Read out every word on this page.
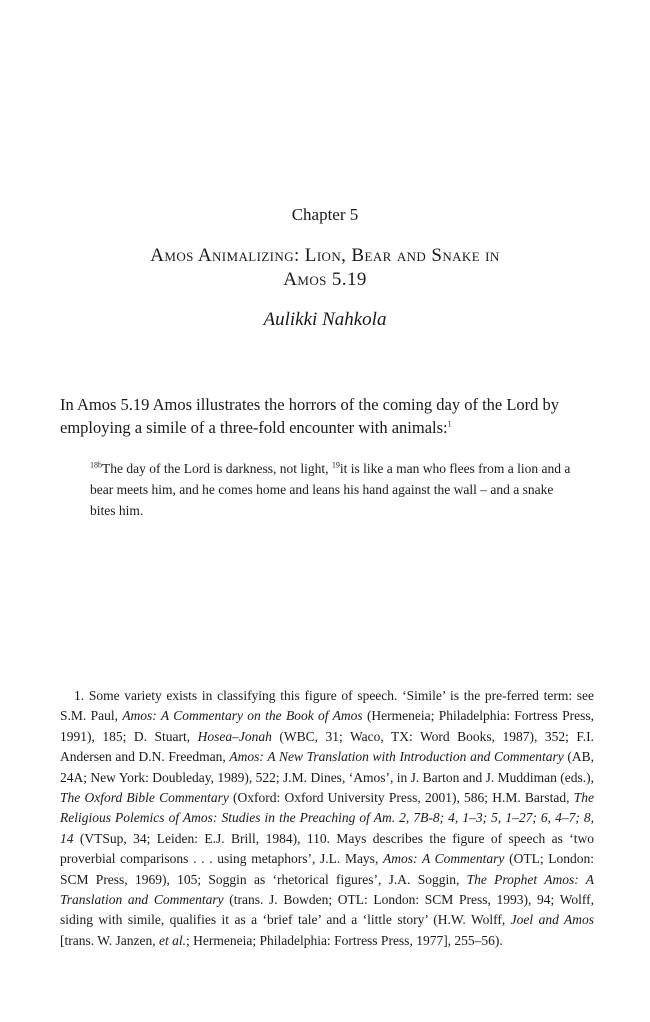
Chapter 5
Amos Animalizing: Lion, Bear and Snake in
Amos 5.19
Aulikki Nahkola
In Amos 5.19 Amos illustrates the horrors of the coming day of the Lord by employing a simile of a three-fold encounter with animals:$^1$
$^{18b}$The day of the Lord is darkness, not light, $^{19}$it is like a man who flees from a lion and a bear meets him, and he comes home and leans his hand against the wall – and a snake bites him.

1. Some variety exists in classifying this figure of speech. ‘Simile’ is the pre-ferred term: see S.M. Paul, Amos: A Commentary on the Book of Amos (Hermeneia; Philadelphia: Fortress Press, 1991), 185; D. Stuart, Hosea–Jonah (WBC, 31; Waco, TX: Word Books, 1987), 352; F.I. Andersen and D.N. Freedman, Amos: A New Translation with Introduction and Commentary (AB, 24A; New York: Doubleday, 1989), 522; J.M. Dines, ‘Amos’, in J. Barton and J. Muddiman (eds.), The Oxford Bible Commentary (Oxford: Oxford University Press, 2001), 586; H.M. Barstad, The Religious Polemics of Amos: Studies in the Preaching of Am. 2, 7B-8; 4, 1–3; 5, 1–27; 6, 4–7; 8, 14 (VTSup, 34; Leiden: E.J. Brill, 1984), 110. Mays describes the figure of speech as ‘two proverbial comparisons . . . using metaphors’, J.L. Mays, Amos: A Commentary (OTL; London: SCM Press, 1969), 105; Soggin as ‘rhetorical figures’, J.A. Soggin, The Prophet Amos: A Translation and Commentary (trans. J. Bowden; OTL: London: SCM Press, 1993), 94; Wolff, siding with simile, qualifies it as a ‘brief tale’ and a ‘little story’ (H.W. Wolff, Joel and Amos [trans. W. Janzen, et al.; Hermeneia; Philadelphia: Fortress Press, 1977], 255–56).
